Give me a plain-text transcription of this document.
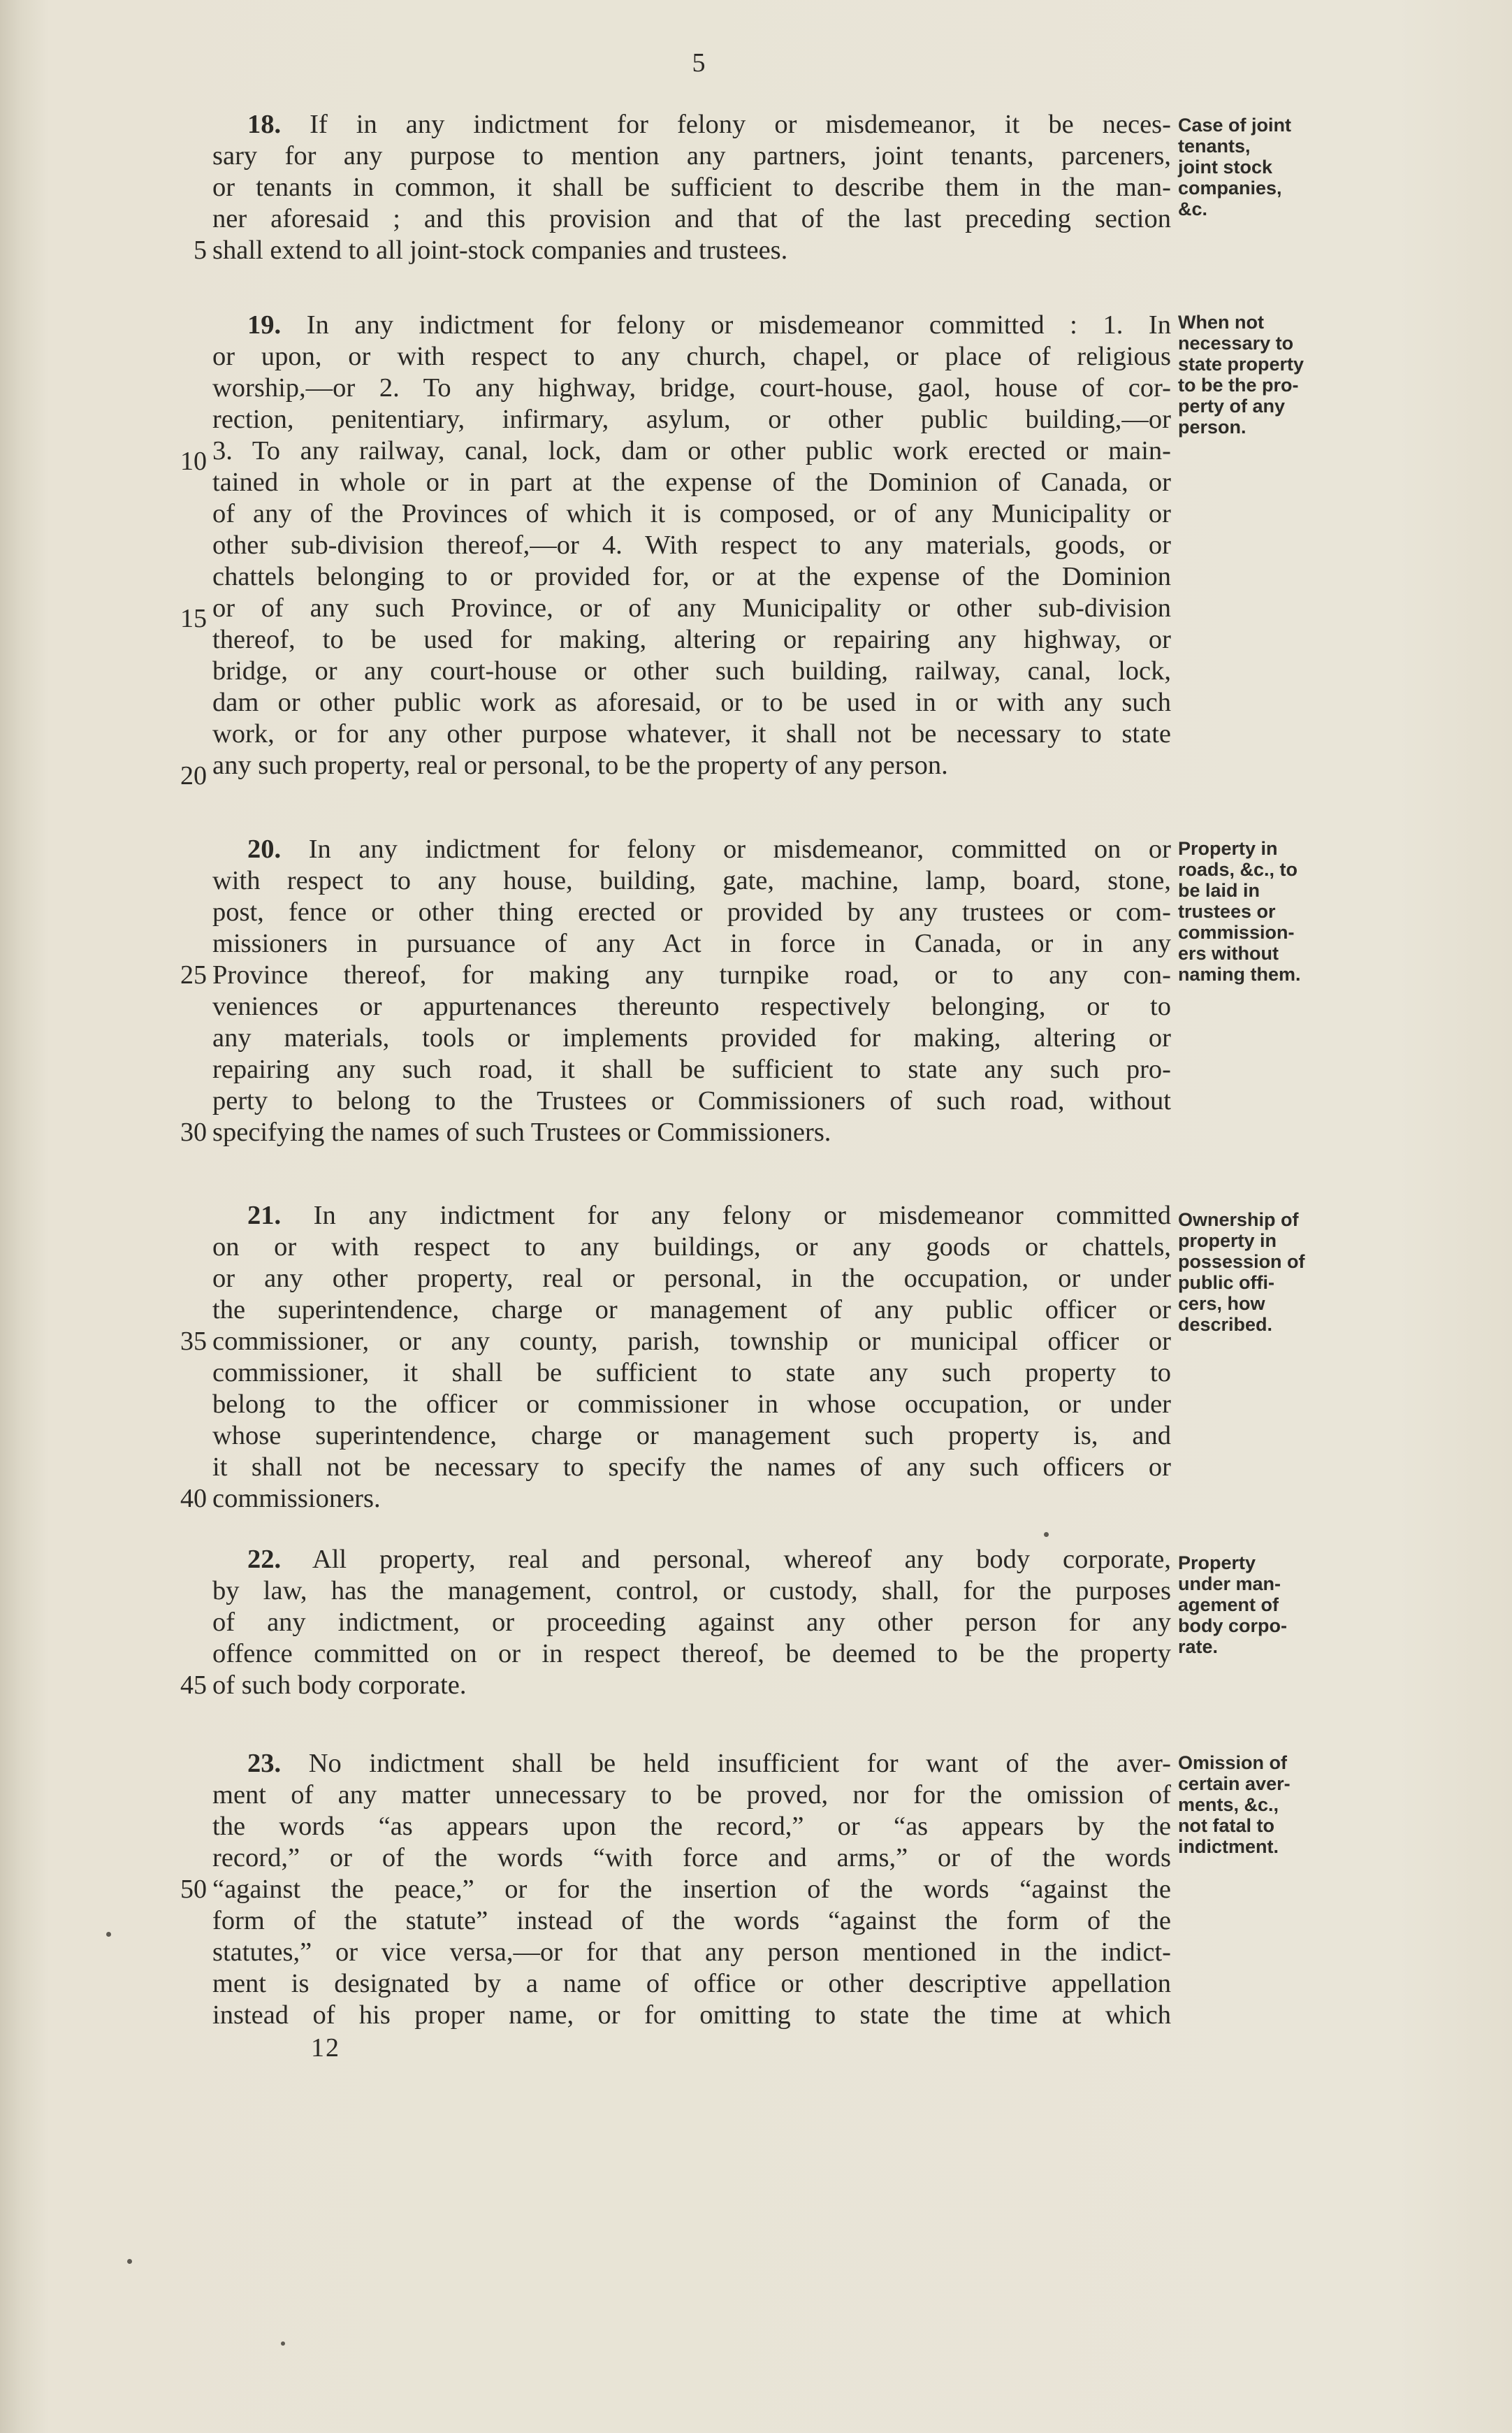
5
18. If in any indictment for felony or misdemeanor, it be neces-
sary for any purpose to mention any partners, joint tenants, parceners,
or tenants in common, it shall be sufficient to describe them in the man-
ner aforesaid ; and this provision and that of the last preceding section
shall extend to all joint-stock companies and trustees.
Case of joint
tenants,
joint stock
companies,
&c.
19. In any indictment for felony or misdemeanor committed : 1. In
or upon, or with respect to any church, chapel, or place of religious
worship,—or 2. To any highway, bridge, court-house, gaol, house of cor-
rection, penitentiary, infirmary, asylum, or other public building,—or
3. To any railway, canal, lock, dam or other public work erected or main-
tained in whole or in part at the expense of the Dominion of Canada, or
of any of the Provinces of which it is composed, or of any Municipality or
other sub-division thereof,—or 4. With respect to any materials, goods, or
chattels belonging to or provided for, or at the expense of the Dominion
or of any such Province, or of any Municipality or other sub-division
thereof, to be used for making, altering or repairing any highway, or
bridge, or any court-house or other such building, railway, canal, lock,
dam or other public work as aforesaid, or to be used in or with any such
work, or for any other purpose whatever, it shall not be necessary to state
any such property, real or personal, to be the property of any person.
When not
necessary to
state property
to be the pro-
perty of any
person.
20. In any indictment for felony or misdemeanor, committed on or
with respect to any house, building, gate, machine, lamp, board, stone,
post, fence or other thing erected or provided by any trustees or com-
missioners in pursuance of any Act in force in Canada, or in any
Province thereof, for making any turnpike road, or to any con-
veniences or appurtenances thereunto respectively belonging, or to
any materials, tools or implements provided for making, altering or
repairing any such road, it shall be sufficient to state any such pro-
perty to belong to the Trustees or Commissioners of such road, without
specifying the names of such Trustees or Commissioners.
Property in
roads, &c., to
be laid in
trustees or
commission-
ers without
naming them.
21. In any indictment for any felony or misdemeanor committed
on or with respect to any buildings, or any goods or chattels,
or any other property, real or personal, in the occupation, or under
the superintendence, charge or management of any public officer or
commissioner, or any county, parish, township or municipal officer or
commissioner, it shall be sufficient to state any such property to
belong to the officer or commissioner in whose occupation, or under
whose superintendence, charge or management such property is, and
it shall not be necessary to specify the names of any such officers or
commissioners.
Ownership of
property in
possession of
public offi-
cers, how
described.
22. All property, real and personal, whereof any body corporate,
by law, has the management, control, or custody, shall, for the purposes
of any indictment, or proceeding against any other person for any
offence committed on or in respect thereof, be deemed to be the property
of such body corporate.
Property
under man-
agement of
body corpo-
rate.
23. No indictment shall be held insufficient for want of the aver-
ment of any matter unnecessary to be proved, nor for the omission of
the words “as appears upon the record,” or “as appears by the
record,” or of the words “with force and arms,” or of the words
“against the peace,” or for the insertion of the words “against the
form of the statute” instead of the words “against the form of the
statutes,” or vice versa,—or for that any person mentioned in the indict-
ment is designated by a name of office or other descriptive appellation
instead of his proper name, or for omitting to state the time at which
Omission of
certain aver-
ments, &c.,
not fatal to
indictment.
5
10
15
20
25
30
35
40
45
50
12
